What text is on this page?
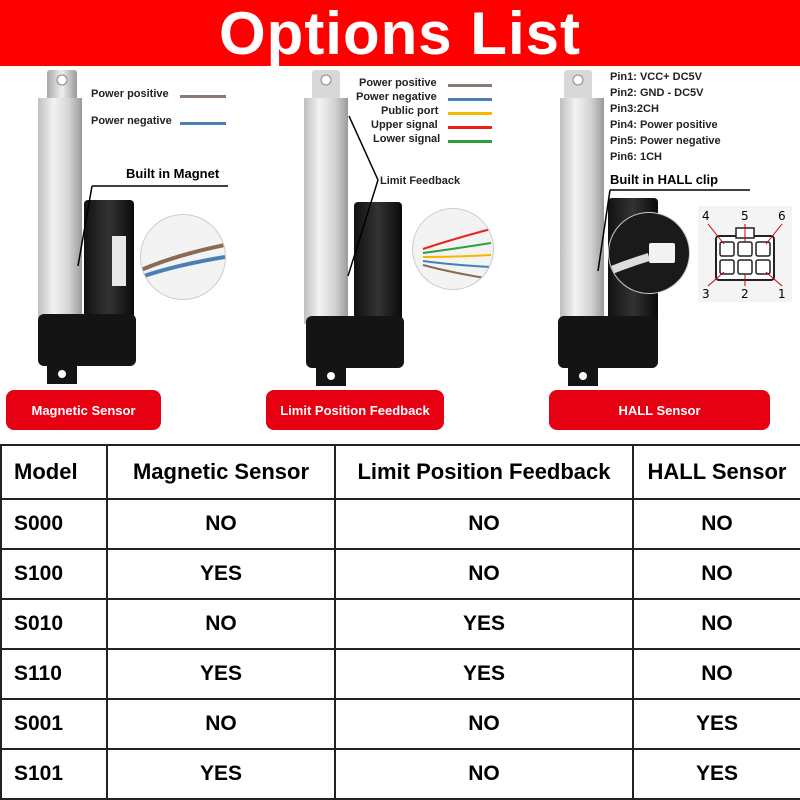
Options List
Power positive
Power negative
Built in Magnet
Magnetic Sensor
Power positive
Power negative
Public port
Upper signal
Lower signal
Limit Feedback
Limit Position Feedback
Pin1: VCC+ DC5V
Pin2: GND - DC5V
Pin3:2CH
Pin4: Power positive
Pin5: Power negative
Pin6: 1CH
Built in HALL clip
4	5 6
3	2 1
HALL Sensor
Model	Magnetic Sensor	Limit Position Feedback	HALL Sensor
S000	NO	NO	NO
S100	YES	NO	NO
S010	NO	YES	NO
S110	YES	YES	NO
S001	NO	NO	YES
S101	YES	NO	YES
